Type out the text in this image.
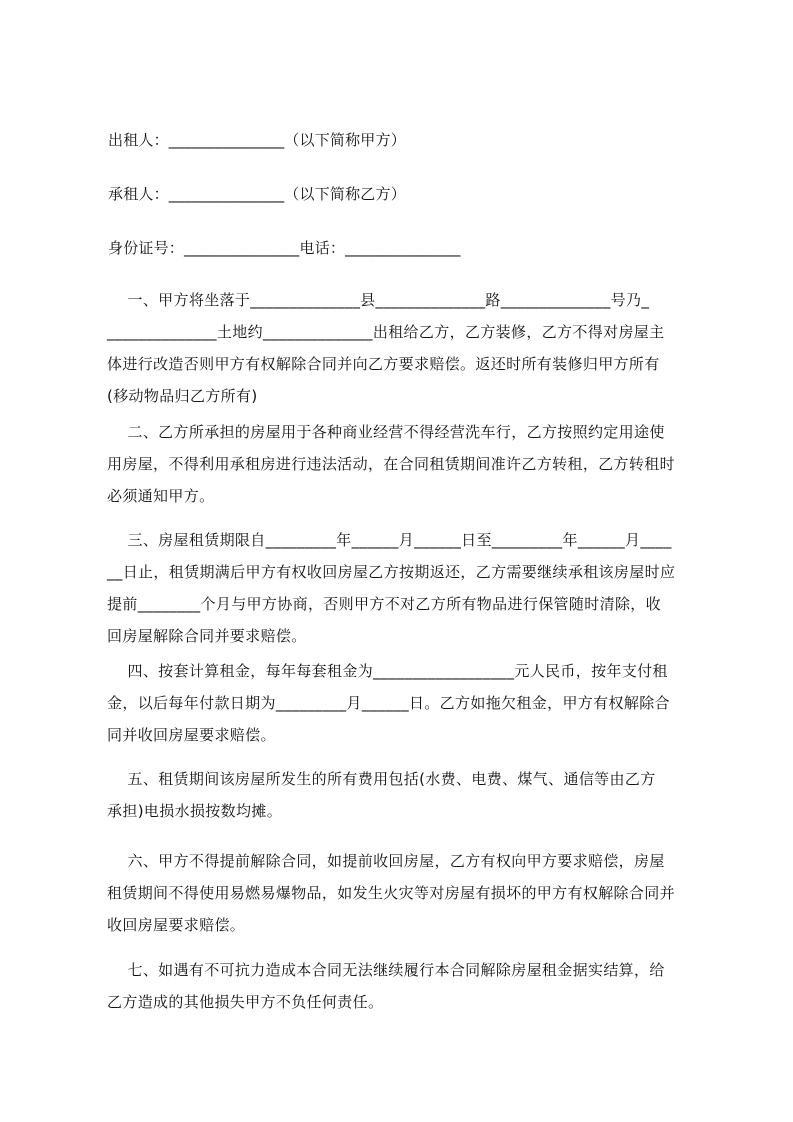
出租人：_______________（以下简称甲方）
承租人：_______________（以下简称乙方）
身份证号：_______________电话：_______________
一、甲方将坐落于______________县______________路______________号乃_
______________土地约______________出租给乙方，乙方装修，乙方不得对房屋主
体进行改造否则甲方有权解除合同并向乙方要求赔偿。返还时所有装修归甲方所有
(移动物品归乙方所有)
二、乙方所承担的房屋用于各种商业经营不得经营洗车行，乙方按照约定用途使
用房屋，不得利用承租房进行违法活动，在合同租赁期间准许乙方转租，乙方转租时
必须通知甲方。
三、房屋租赁期限自_________年______月______日至_________年______月____
__日止，租赁期满后甲方有权收回房屋乙方按期返还，乙方需要继续承租该房屋时应
提前________个月与甲方协商，否则甲方不对乙方所有物品进行保管随时清除，收
回房屋解除合同并要求赔偿。
四、按套计算租金，每年每套租金为__________________元人民币，按年支付租
金，以后每年付款日期为_________月______日。乙方如拖欠租金，甲方有权解除合
同并收回房屋要求赔偿。
五、租赁期间该房屋所发生的所有费用包括(水费、电费、煤气、通信等由乙方
承担)电损水损按数均摊。
六、甲方不得提前解除合同，如提前收回房屋，乙方有权向甲方要求赔偿，房屋
租赁期间不得使用易燃易爆物品，如发生火灾等对房屋有损坏的甲方有权解除合同并
收回房屋要求赔偿。
七、如遇有不可抗力造成本合同无法继续履行本合同解除房屋租金据实结算，给
乙方造成的其他损失甲方不负任何责任。
